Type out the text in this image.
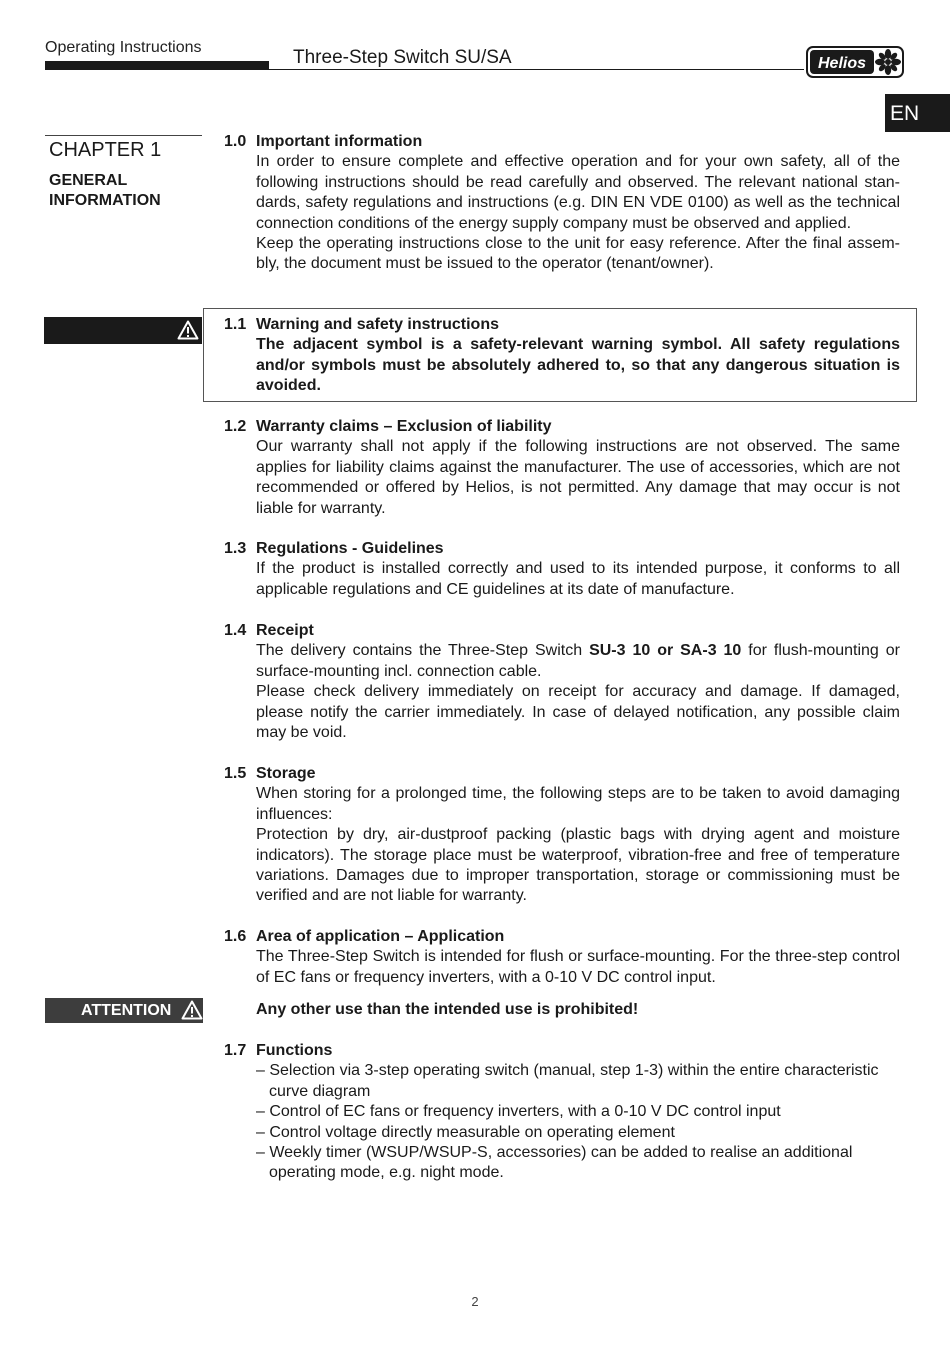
Operating Instructions	Three-Step Switch SU/SA	Helios
EN
CHAPTER 1
GENERAL INFORMATION
ATTENTION
1.0 Important information

In order to ensure complete and effective operation and for your own safety, all of the following instructions should be read carefully and observed. The relevant national standards, safety regulations and instructions (e.g. DIN EN VDE 0100) as well as the technical connection conditions of the energy supply company must be observed and applied.

Keep the operating instructions close to the unit for easy reference. After the final assembly, the document must be issued to the operator (tenant/owner).

1.1 Warning and safety instructions

The adjacent symbol is a safety-relevant warning symbol. All safety regulations and/or symbols must be absolutely adhered to, so that any dangerous situation is avoided.

1.2 Warranty claims – Exclusion of liability

Our warranty shall not apply if the following instructions are not observed. The same applies for liability claims against the manufacturer. The use of accessories, which are not recommended or offered by Helios, is not permitted. Any damage that may occur is not liable for warranty.

1.3 Regulations - Guidelines

If the product is installed correctly and used to its intended purpose, it conforms to all applicable regulations and CE guidelines at its date of manufacture.

1.4 Receipt

The delivery contains the Three-Step Switch SU-3 10 or SA-3 10 for flush-mounting or surface-mounting incl. connection cable.

Please check delivery immediately on receipt for accuracy and damage. If damaged, please notify the carrier immediately. In case of delayed notification, any possible claim may be void.

1.5 Storage

When storing for a prolonged time, the following steps are to be taken to avoid damaging influences:

Protection by dry, air-dustproof packing (plastic bags with drying agent and moisture indicators). The storage place must be waterproof, vibration-free and free of temperature variations. Damages due to improper transportation, storage or commissioning must be verified and are not liable for warranty.

1.6 Area of application – Application

The Three-Step Switch is intended for flush or surface-mounting. For the three-step control of EC fans or frequency inverters, with a 0-10 V DC control input.

Any other use than the intended use is prohibited!

1.7 Functions
– Selection via 3-step operating switch (manual, step 1-3) within the entire characteristic curve diagram
– Control of EC fans or frequency inverters, with a 0-10 V DC control input
– Control voltage directly measurable on operating element
– Weekly timer (WSUP/WSUP-S, accessories) can be added to realise an additional operating mode, e.g. night mode.
2
